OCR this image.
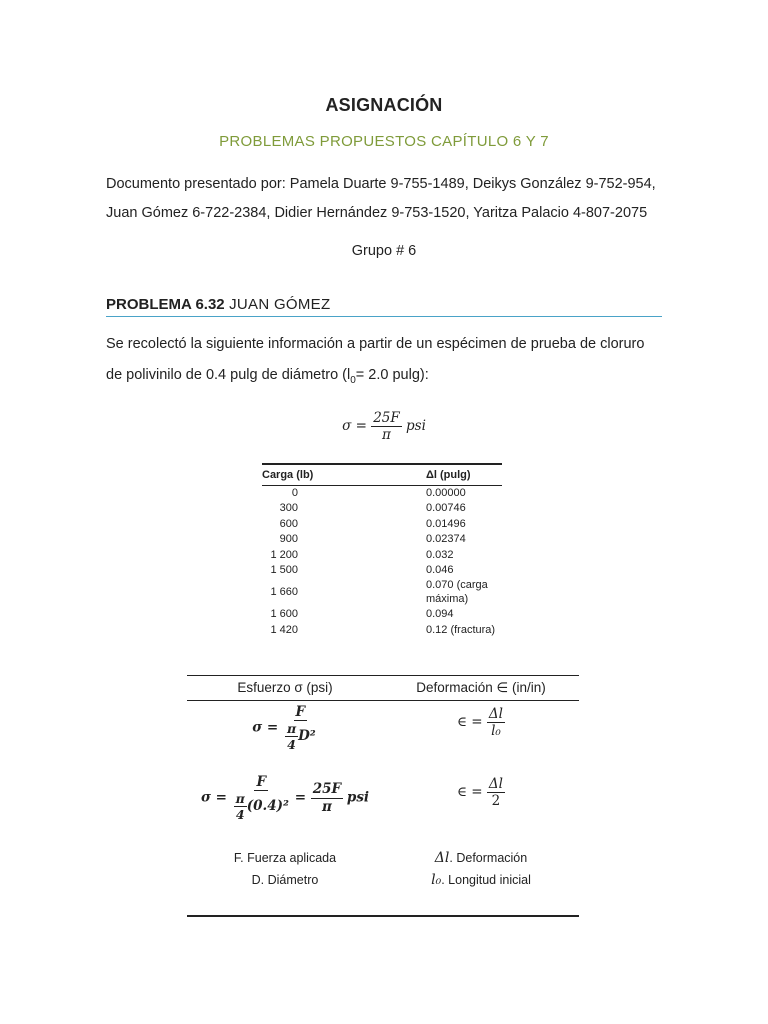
ASIGNACIÓN
PROBLEMAS PROPUESTOS CAPÍTULO 6 Y 7
Documento presentado por: Pamela Duarte 9-755-1489, Deikys González 9-752-954,
Juan Gómez 6-722-2384, Didier Hernández 9-753-1520, Yaritza Palacio 4-807-2075
Grupo # 6
PROBLEMA 6.32 JUAN GÓMEZ
Se recolectó la siguiente información a partir de un espécimen de prueba de cloruro
de polivinilo de 0.4 pulg de diámetro ($l_0= 2.0$ pulg):
$\sigma = \frac{25F}{\pi}$ psi
Carga (lb)	Δl (pulg)
0	0.00000
300	0.00746
600	0.01496
900	0.02374
1 200	0.032
1 500	0.046
1 660	0.070 (carga máxima)
1 600	0.094
1 420	0.12 (fractura)
Esfuerzo σ (psi)	Deformación ∈ (in/in)
$\sigma = \frac{F}{\frac{\pi}{4} D^2}$	∈ = $\frac{\Delta l}{\text{l₀}}$
$\sigma = \frac{F}{\frac{\pi}{4} (0.4)^2} = \frac{25F}{\pi}$ psi	∈ = $\frac{\Delta l}{2}$
F. Fuerza aplicada
D. Diámetro
Δl. Deformación
l₀. Longitud inicial
